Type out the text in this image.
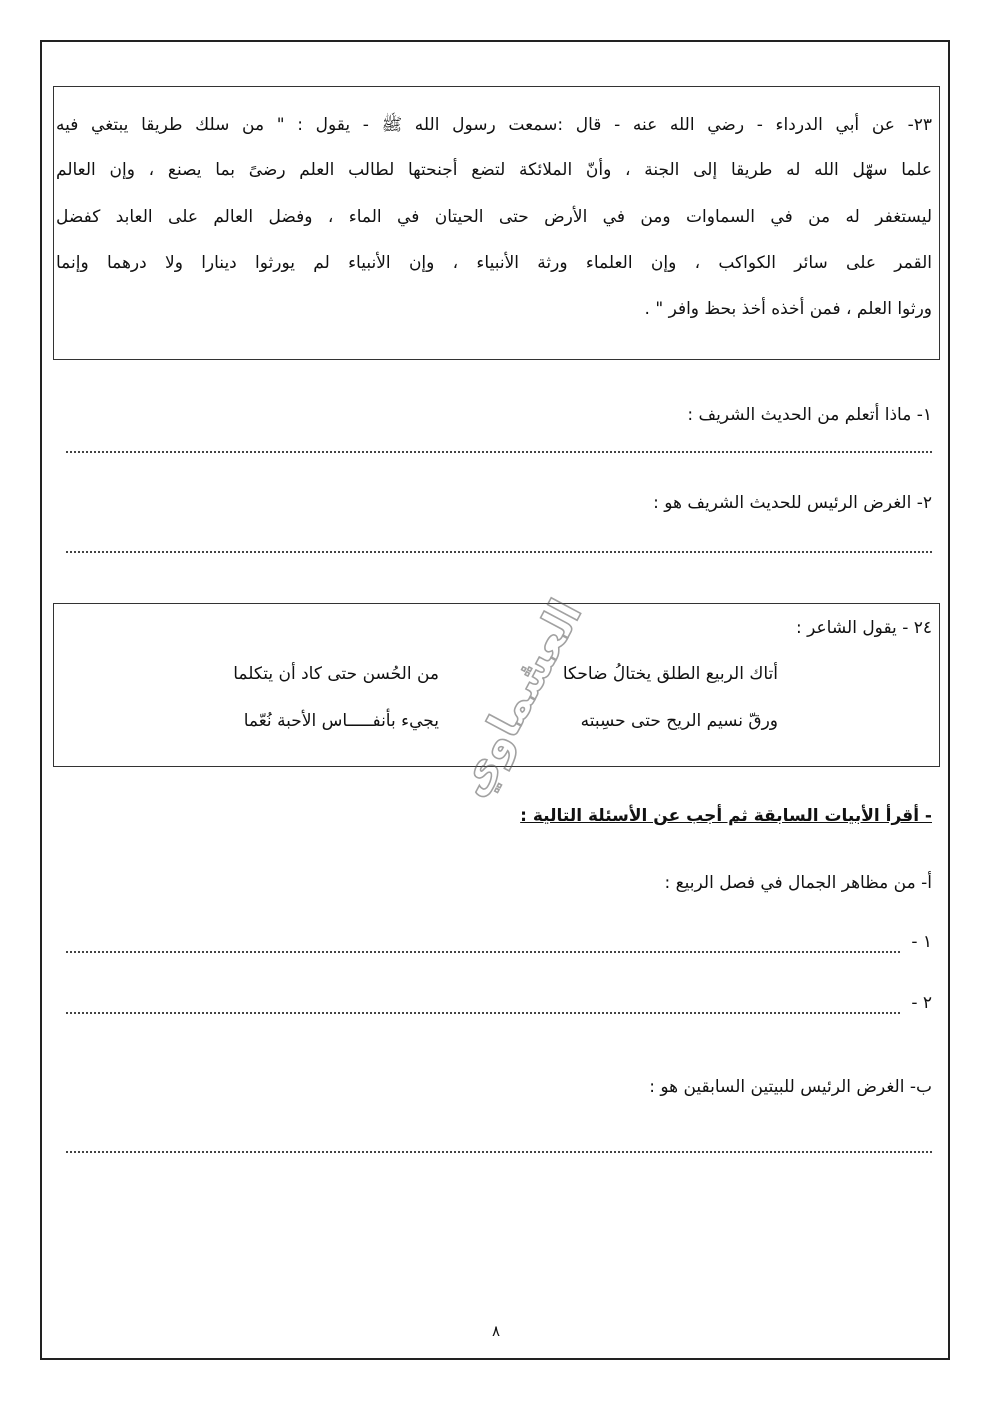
٢٣- عن أبي الدرداء - رضي الله عنه - قال :سمعت رسول الله ﷺ - يقول : " من سلك طريقا يبتغي فيه
علما سهّل الله له طريقا إلى الجنة ، وأنّ الملائكة لتضع أجنحتها لطالب العلم رضىً بما يصنع ، وإن العالم
ليستغفر له من في السماوات ومن في الأرض حتى الحيتان في الماء ، وفضل العالم على العابد كفضل
القمر على سائر الكواكب ، وإن العلماء ورثة الأنبياء ، وإن الأنبياء لم يورثوا دينارا ولا درهما وإنما
ورثوا العلم ، فمن أخذه أخذ بحظ وافر " .
١- ماذا أتعلم من الحديث الشريف :
٢- الغرض الرئيس للحديث الشريف هو :
٢٤ - يقول الشاعر :
أتاك الربيع الطلق يختالُ ضاحكا
من الحُسن حتى كاد أن يتكلما
ورقّ نسيم الريح حتى حسِبته
يجيء بأنفـــــاس الأحبة نُعّما العشماوي
- أقرأ الأبيات السابقة ثم أجب عن الأسئلة التالية :
أ- من مظاهر الجمال في فصل الربيع :
١ -
٢ -
ب- الغرض الرئيس للبيتين السابقين هو :
٨
